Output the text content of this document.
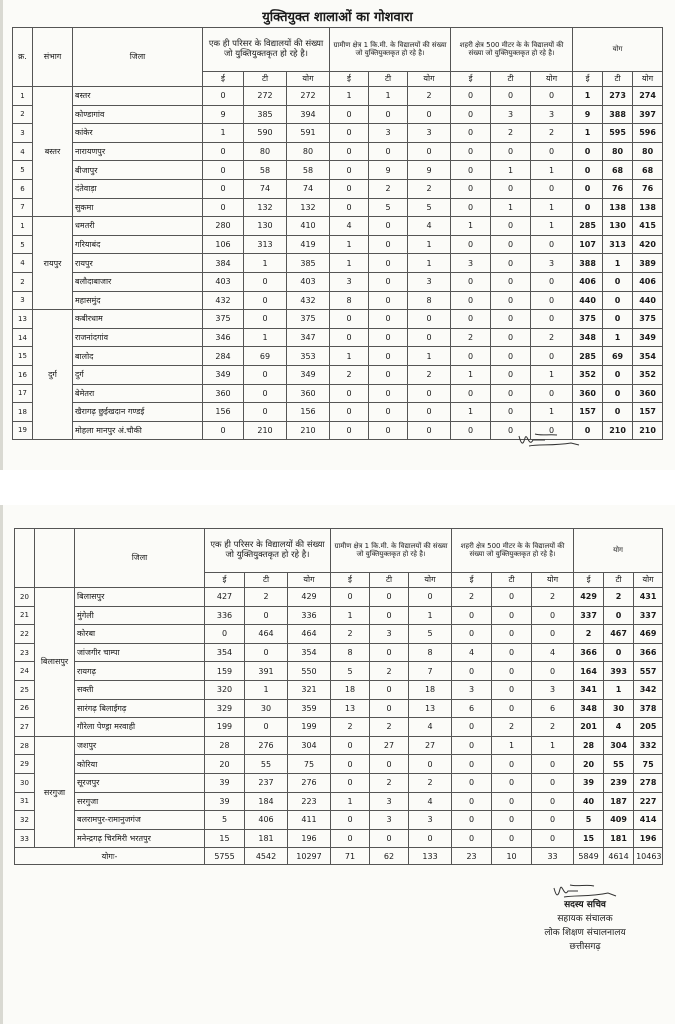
युक्तियुक्त शालाओं का गोशवारा
क्र.	संभाग	जिला	एक ही परिसर के विद्यालयों की संख्या जो युक्तियुक्तकृत हो रहे है।			ग्रामीण क्षेत्र 1 कि.मी. के विद्यालयों की संख्या जो युक्तियुक्तकृत हो रहे है।			शहरी क्षेत्र 500 मीटर के के विद्यालयों की संख्या जो युक्तियुक्तकृत हो रहे है।			योग		
			ई	टी	योग	ई	टी	योग	ई	टी	योग	ई	टी	योग
1	बस्तर	बस्तर	0	272	272	1	1	2	0	0	0	1	273	274
2		कोण्डागांव	9	385	394	0	0	0	0	3	3	9	388	397
3		कांकेर	1	590	591	0	3	3	0	2	2	1	595	596
4		नारायणपुर	0	80	80	0	0	0	0	0	0	0	80	80
5		बीजापुर	0	58	58	0	9	9	0	1	1	0	68	68
6		दंतेवाड़ा	0	74	74	0	2	2	0	0	0	0	76	76
7		सुकमा	0	132	132	0	5	5	0	1	1	0	138	138
1	रायपुर	धमतरी	280	130	410	4	0	4	1	0	1	285	130	415
5		गरियाबंद	106	313	419	1	0	1	0	0	0	107	313	420
4		रायपुर	384	1	385	1	0	1	3	0	3	388	1	389
2		बलौदाबाजार	403	0	403	3	0	3	0	0	0	406	0	406
3		महासमुंद	432	0	432	8	0	8	0	0	0	440	0	440
13	दुर्ग	कबीरधाम	375	0	375	0	0	0	0	0	0	375	0	375
14		राजनांदगांव	346	1	347	0	0	0	2	0	2	348	1	349
15		बालोद	284	69	353	1	0	1	0	0	0	285	69	354
16		दुर्ग	349	0	349	2	0	2	1	0	1	352	0	352
17		बेमेतरा	360	0	360	0	0	0	0	0	0	360	0	360
18		खैरागढ़ छुईखदान गण्डई	156	0	156	0	0	0	1	0	1	157	0	157
19		मोहला मानपुर अं.चौकी	0	210	210	0	0	0	0	0	0	0	210	210
		जिला	एक ही परिसर के विद्यालयों की संख्या जो युक्तियुक्तकृत हो रहे है।			ग्रामीण क्षेत्र 1 कि.मी. के विद्यालयों की संख्या जो युक्तियुक्तकृत हो रहे है।			शहरी क्षेत्र 500 मीटर के के विद्यालयों की संख्या जो युक्तियुक्तकृत हो रहे है।			योग		
			ई	टी	योग	ई	टी	योग	ई	टी	योग	ई	टी	योग
20	बिलासपुर	बिलासपुर	427	2	429	0	0	0	2	0	2	429	2	431
21		मुंगेली	336	0	336	1	0	1	0	0	0	337	0	337
22		कोरबा	0	464	464	2	3	5	0	0	0	2	467	469
23		जांजगीर चाम्पा	354	0	354	8	0	8	4	0	4	366	0	366
24		रायगढ़	159	391	550	5	2	7	0	0	0	164	393	557
25		सक्ती	320	1	321	18	0	18	3	0	3	341	1	342
26		सारंगढ़ बिलाईगढ़	329	30	359	13	0	13	6	0	6	348	30	378
27		गौरेला पेण्ड्रा मरवाही	199	0	199	2	2	4	0	2	2	201	4	205
28	सरगुजा	जशपुर	28	276	304	0	27	27	0	1	1	28	304	332
29		कोरिया	20	55	75	0	0	0	0	0	0	20	55	75
30		सूरजपुर	39	237	276	0	2	2	0	0	0	39	239	278
31		सरगुजा	39	184	223	1	3	4	0	0	0	40	187	227
32		बलरामपुर-रामानुजगंज	5	406	411	0	3	3	0	0	0	5	409	414
33		मनेन्द्रगढ़ चिरमिरी भरतपुर	15	181	196	0	0	0	0	0	0	15	181	196
योगः-			5755	4542	10297	71	62	133	23	10	33	5849	4614	10463
सदस्य सचिव
सहायक संचालक
लोक शिक्षण संचालनालय
छत्तीसगढ़
